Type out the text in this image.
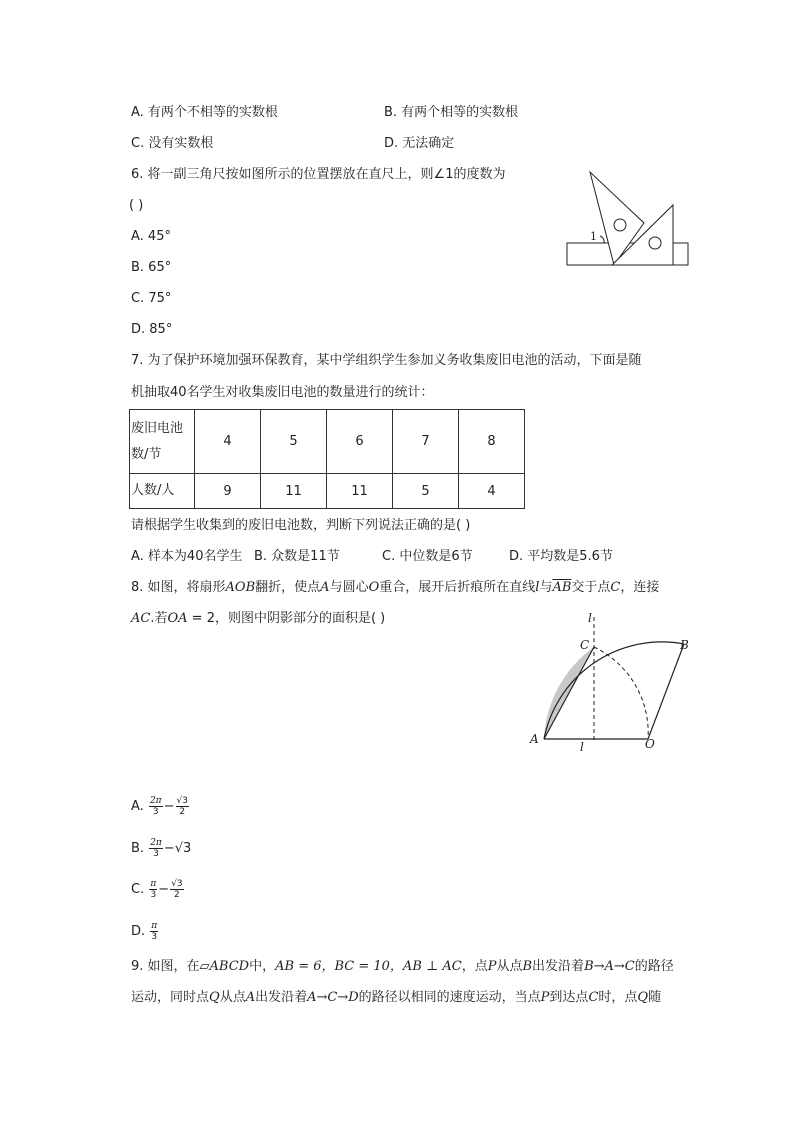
A. 有两个不相等的实数根	B. 有两个相等的实数根
C. 没有实数根	D. 无法确定
6. 将一副三角尺按如图所示的位置摆放在直尺上，则∠1的度数为
( )
A. 45°
B. 65°
C. 75°
D. 85°
1
7. 为了保护环境加强环保教育，某中学组织学生参加义务收集废旧电池的活动，下面是随
机抽取40名学生对收集废旧电池的数量进行的统计：
废旧电池
数/节	4	5	6	7	8
人数/人	9	11	11	5	4
请根据学生收集到的废旧电池数，判断下列说法正确的是( )
A. 样本为40名学生 B. 众数是11节	C. 中位数是6节	D. 平均数是5.6节
8. 如图，将扇形AOB翻折，使点A与圆心O重合，展开后折痕所在直线l与$\overline{AB}$交于点C，连接
AC.若OA = 2，则图中阴影部分的面积是( )	l
C	B
A
l	O
A. $\frac{2\pi}{3} - \frac{√3}{2}$
B. $\frac{2\pi}{3} -√3$
C. $\frac{\pi}{3} - \frac{√3}{2}$
D. $\frac{\pi}{3}$
9. 如图，在▱ABCD中，AB = 6，BC = 10，AB ⊥ AC，点P从点B出发沿着B→A→C的路径
运动，同时点Q从点A出发沿着A→C→D的路径以相同的速度运动，当点P到达点C时，点Q随
